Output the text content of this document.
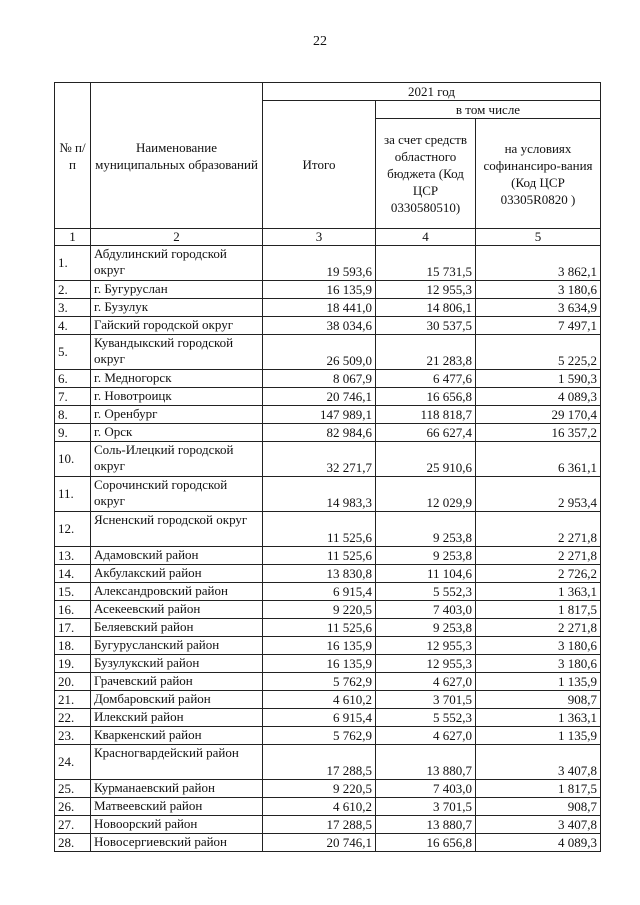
22
№ п/п	Наименование муниципальных образований	2021 год		
		Итого	в том числе	
			за счет средств областного бюджета (Код ЦСР 0330580510)	на условиях софинансиро-вания (Код ЦСР 03305R0820 )
1	2	3	4	5
1.	Абдулинский городской округ	19 593,6	15 731,5	3 862,1
2.	г. Бугуруслан	16 135,9	12 955,3	3 180,6
3.	г. Бузулук	18 441,0	14 806,1	3 634,9
4.	Гайский городской округ	38 034,6	30 537,5	7 497,1
5.	Кувандыкский городской округ	26 509,0	21 283,8	5 225,2
6.	г. Медногорск	8 067,9	6 477,6	1 590,3
7.	г. Новотроицк	20 746,1	16 656,8	4 089,3
8.	г. Оренбург	147 989,1	118 818,7	29 170,4
9.	г. Орск	82 984,6	66 627,4	16 357,2
10.	Соль-Илецкий городской округ	32 271,7	25 910,6	6 361,1
11.	Сорочинский городской округ	14 983,3	12 029,9	2 953,4
12.	Ясненский городской округ	11 525,6	9 253,8	2 271,8
13.	Адамовский район	11 525,6	9 253,8	2 271,8
14.	Акбулакский район	13 830,8	11 104,6	2 726,2
15.	Александровский район	6 915,4	5 552,3	1 363,1
16.	Асекеевский район	9 220,5	7 403,0	1 817,5
17.	Беляевский район	11 525,6	9 253,8	2 271,8
18.	Бугурусланский район	16 135,9	12 955,3	3 180,6
19.	Бузулукский район	16 135,9	12 955,3	3 180,6
20.	Грачевский район	5 762,9	4 627,0	1 135,9
21.	Домбаровский район	4 610,2	3 701,5	908,7
22.	Илекский район	6 915,4	5 552,3	1 363,1
23.	Кваркенский район	5 762,9	4 627,0	1 135,9
24.	Красногвардейский район	17 288,5	13 880,7	3 407,8
25.	Курманаевский район	9 220,5	7 403,0	1 817,5
26.	Матвеевский район	4 610,2	3 701,5	908,7
27.	Новоорский район	17 288,5	13 880,7	3 407,8
28.	Новосергиевский район	20 746,1	16 656,8	4 089,3
